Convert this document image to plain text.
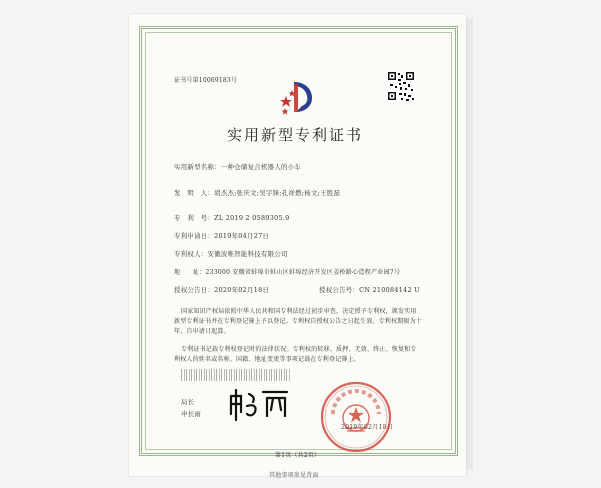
证书号第10069183号
实用新型专利证书
实用新型名称：一种仓储复合机器人的小车
发　明　人：胡杰杰;张庆文;吴宇锋;孔祥燃;杨文;王胜磊
专　利　号：ZL 2019 2 0589305.9
专利申请日：2019年04月27日
专利权人：安徽波唯智能科技有限公司
地　　址：233000 安徽省蚌埠市蚌山区蚌埠经济开发区姜桥路心造程产业园7号
授权公告日：2020年02月18日	授权公告号：CN 210084142 U
国家知识产权局依照中华人民共和国专利法经过初步审查，决定授予专利权，颁发实用
新型专利证书并在专利登记簿上予以登记。专利权自授权公告之日起生效。专利权期限为十
年，自申请日起算。
专利证书记载专利权登记时的法律状况。专利权的转移、质押、无效、终止、恢复和专
利权人的姓名或名称、国籍、地址变更等事项记载在专利登记簿上。
局长
申长雨
2019年02月18日
第1页（共2页）
其他事项参见背面
